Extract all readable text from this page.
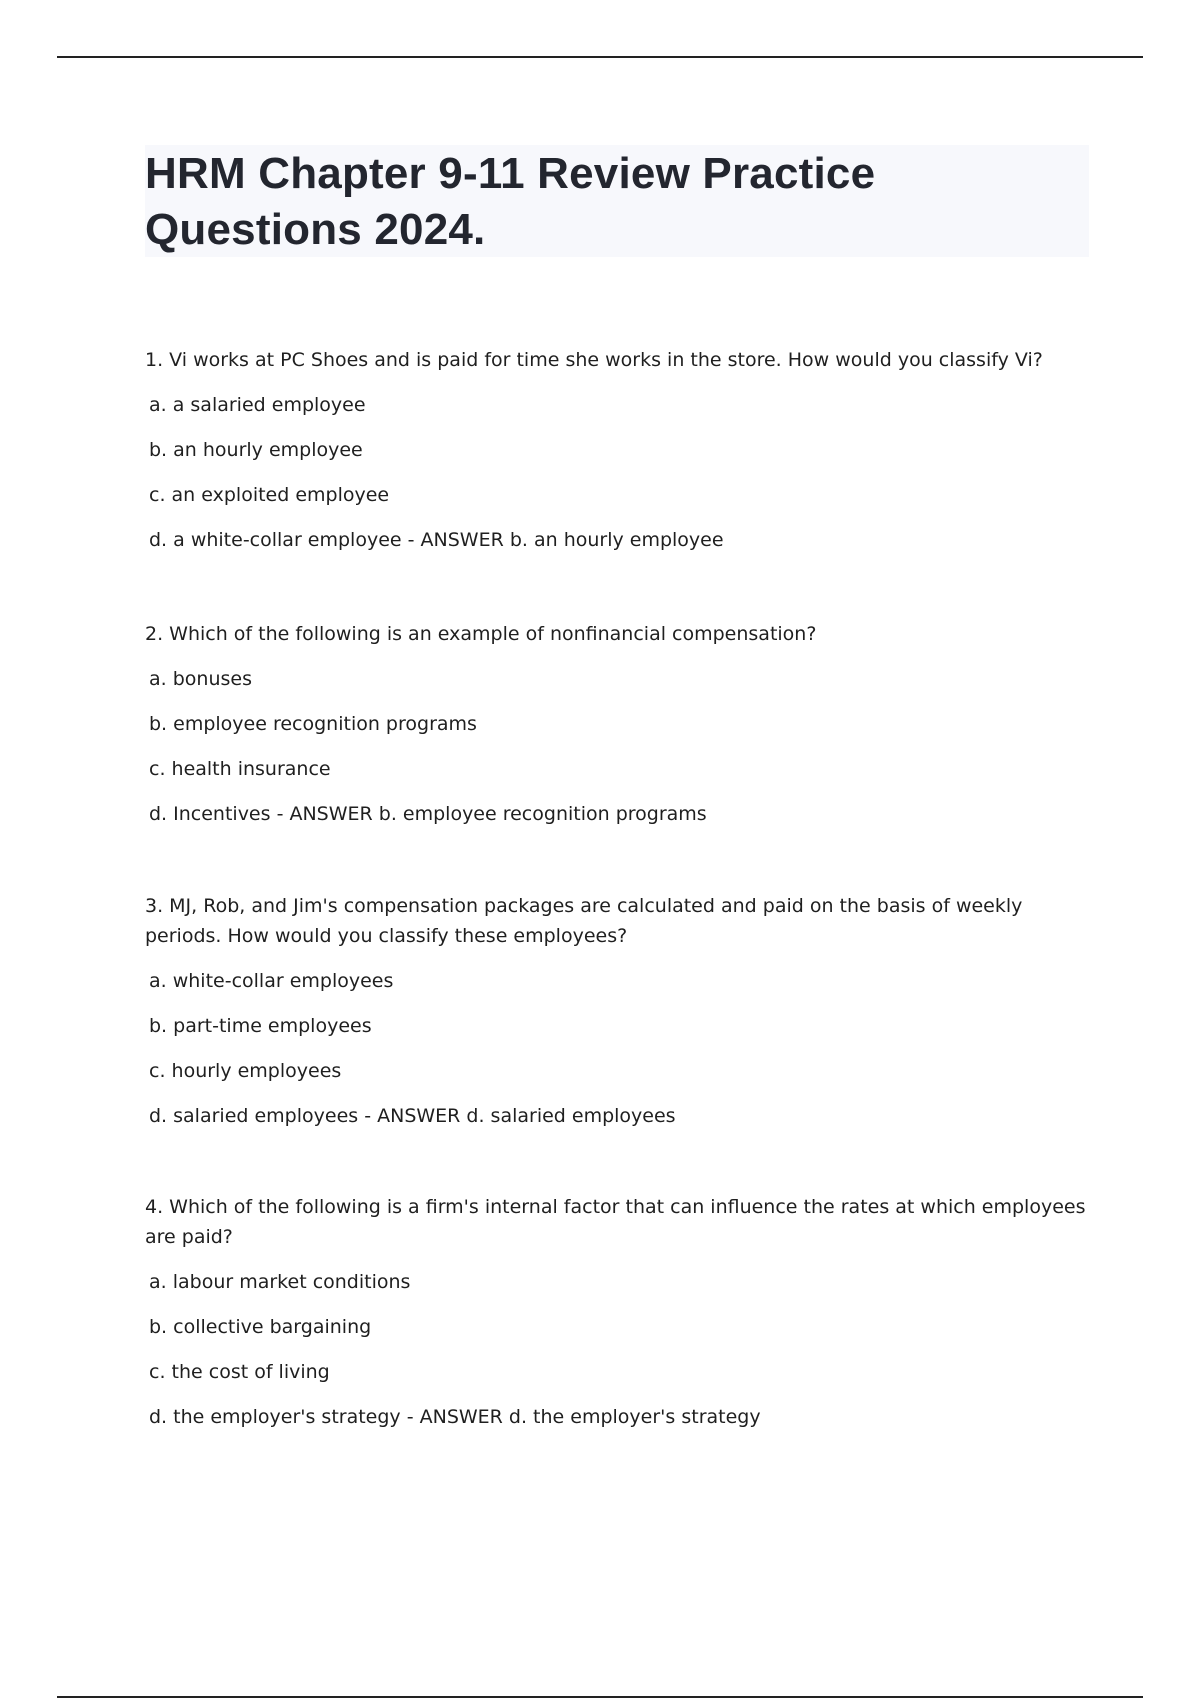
HRM Chapter 9-11 Review Practice Questions 2024.

1. Vi works at PC Shoes and is paid for time she works in the store. How would you classify Vi?

a. a salaried employee
b. an hourly employee
c. an exploited employee
d. a white-collar employee - ANSWER b. an hourly employee

2. Which of the following is an example of nonfinancial compensation?

a. bonuses
b. employee recognition programs
c. health insurance
d. Incentives - ANSWER b. employee recognition programs

3. MJ, Rob, and Jim's compensation packages are calculated and paid on the basis of weekly periods. How would you classify these employees?

a. white-collar employees
b. part-time employees
c. hourly employees
d. salaried employees - ANSWER d. salaried employees

4. Which of the following is a firm's internal factor that can influence the rates at which employees are paid?

a. labour market conditions
b. collective bargaining
c. the cost of living
d. the employer's strategy - ANSWER d. the employer's strategy
